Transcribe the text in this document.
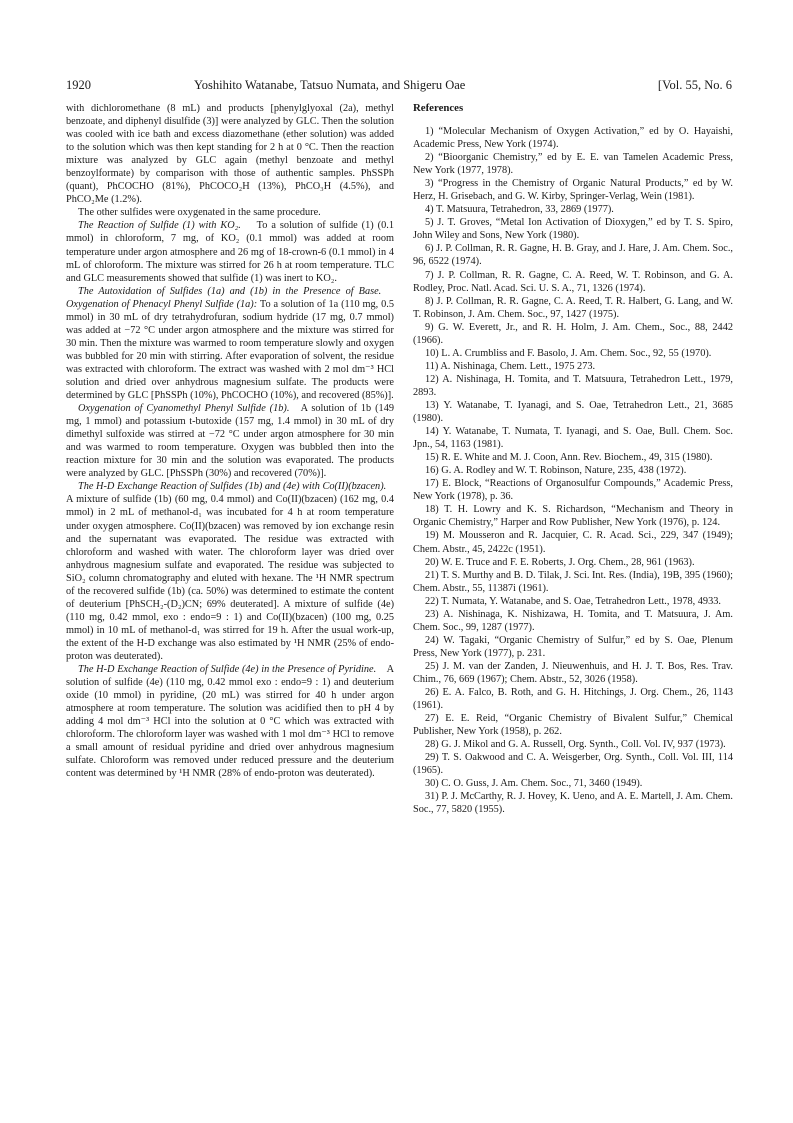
1920	Yoshihito Watanabe, Tatsuo Numata, and Shigeru Oae	[Vol. 55, No. 6

with dichloromethane (8 mL) and products [phenylglyoxal (2a), methyl benzoate, and diphenyl disulfide (3)] were analyzed by GLC. Then the solution was cooled with ice bath and excess diazomethane (ether solution) was added to the solution which was then kept standing for 2 h at 0 °C. Then the reaction mixture was analyzed by GLC again (methyl benzoate and methyl benzoylformate) by comparison with those of authentic samples. PhSSPh (quant), PhCOCHO (81%), PhCOCO₂H (13%), PhCO₃H (4.5%), and PhCO₂Me (1.2%).

The other sulfides were oxygenated in the same procedure.

The Reaction of Sulfide (1) with KO₂. To a solution of sulfide (1) (0.1 mmol) in chloroform, 7 mg, of KO₂ (0.1 mmol) was added at room temperature under argon atmosphere and 26 mg of 18-crown-6 (0.1 mmol) in 4 mL of chloroform. The mixture was stirred for 26 h at room temperature. TLC and GLC measurements showed that sulfide (1) was inert to KO₂.

The Autoxidation of Sulfides (1a) and (1b) in the Presence of Base.    Oxygenation of Phenacyl Phenyl Sulfide (1a): To a solution of 1a (110 mg, 0.5 mmol) in 30 mL of dry tetrahydrofuran, sodium hydride (17 mg, 0.7 mmol) was added at −72 °C under argon atmosphere and the mixture was stirred for 30 min. Then the mixture was warmed to room temperature slowly and oxygen was bubbled for 20 min with stirring. After evaporation of solvent, the residue was extracted with chloroform. The extract was washed with 2 mol dm⁻³ HCl solution and dried over anhydrous magnesium sulfate. The products were determined by GLC [PhSSPh (10%), PhCOCHO (10%), and recovered (85%)].

Oxygenation of Cyanomethyl Phenyl Sulfide (1b). A solution of 1b (149 mg, 1 mmol) and potassium t-butoxide (157 mg, 1.4 mmol) in 30 mL of dry dimethyl sulfoxide was stirred at −72 °C under argon atmosphere for 30 min and was warmed to room temperature. Oxygen was bubbled then into the reaction mixture for 30 min and the solution was evaporated. The products were analyzed by GLC. [PhSSPh (30%) and recovered (70%)].

The H-D Exchange Reaction of Sulfides (1b) and (4e) with Co(II)(bzacen).    A mixture of sulfide (1b) (60 mg, 0.4 mmol) and Co(II)(bzacen) (162 mg, 0.4 mmol) in 2 mL of methanol-d₁ was incubated for 4 h at room temperature under oxygen atmosphere. Co(II)(bzacen) was removed by ion exchange resin and the supernatant was evaporated. The residue was extracted with chloroform and washed with water. The chloroform layer was dried over anhydrous magnesium sulfate and evaporated. The residue was subjected to SiO₂ column chromatography and eluted with hexane. The ¹H NMR spectrum of the recovered sulfide (1b) (ca. 50%) was determined to estimate the content of deuterium [PhSCH₂-(D₂)CN; 69% deuterated]. A mixture of sulfide (4e) (110 mg, 0.42 mmol, exo : endo=9 : 1) and Co(II)(bzacen) (100 mg, 0.25 mmol) in 10 mL of methanol-d₁ was stirred for 19 h. After the usual work-up, the extent of the H-D exchange was also estimated by ¹H NMR (25% of endo-proton was deuterated).

The H-D Exchange Reaction of Sulfide (4e) in the Presence of Pyridine. A solution of sulfide (4e) (110 mg, 0.42 mmol exo : endo=9 : 1) and deuterium oxide (10 mmol) in pyridine, (20 mL) was stirred for 40 h under argon atmosphere at room temperature. The solution was acidified then to pH 4 by adding 4 mol dm⁻³ HCl into the solution at 0 °C which was extracted with chloroform. The chloroform layer was washed with 1 mol dm⁻³ HCl to remove a small amount of residual pyridine and dried over anhydrous magnesium sulfate. Chloroform was removed under reduced pressure and the deuterium content was determined by ¹H NMR (28% of endo-proton was deuterated).

References

1) “Molecular Mechanism of Oxygen Activation,” ed by O. Hayaishi, Academic Press, New York (1974).

2) “Bioorganic Chemistry,” ed by E. E. van Tamelen Academic Press, New York (1977, 1978).

3) “Progress in the Chemistry of Organic Natural Products,” ed by W. Herz, H. Grisebach, and G. W. Kirby, Springer-Verlag, Wein (1981).

4) T. Matsuura, Tetrahedron, 33, 2869 (1977).

5) J. T. Groves, “Metal Ion Activation of Dioxygen,” ed by T. S. Spiro, John Wiley and Sons, New York (1980).

6) J. P. Collman, R. R. Gagne, H. B. Gray, and J. Hare, J. Am. Chem. Soc., 96, 6522 (1974).

7) J. P. Collman, R. R. Gagne, C. A. Reed, W. T. Robinson, and G. A. Rodley, Proc. Natl. Acad. Sci. U. S. A., 71, 1326 (1974).

8) J. P. Collman, R. R. Gagne, C. A. Reed, T. R. Halbert, G. Lang, and W. T. Robinson, J. Am. Chem. Soc., 97, 1427 (1975).

9) G. W. Everett, Jr., and R. H. Holm, J. Am. Chem., Soc., 88, 2442 (1966).

10) L. A. Crumbliss and F. Basolo, J. Am. Chem. Soc., 92, 55 (1970).

11) A. Nishinaga, Chem. Lett., 1975 273.

12) A. Nishinaga, H. Tomita, and T. Matsuura, Tetrahedron Lett., 1979, 2893.

13) Y. Watanabe, T. Iyanagi, and S. Oae, Tetrahedron Lett., 21, 3685 (1980).

14) Y. Watanabe, T. Numata, T. Iyanagi, and S. Oae, Bull. Chem. Soc. Jpn., 54, 1163 (1981).

15) R. E. White and M. J. Coon, Ann. Rev. Biochem., 49, 315 (1980).

16) G. A. Rodley and W. T. Robinson, Nature, 235, 438 (1972).

17) E. Block, “Reactions of Organosulfur Compounds,” Academic Press, New York (1978), p. 36.

18) T. H. Lowry and K. S. Richardson, “Mechanism and Theory in Organic Chemistry,” Harper and Row Publisher, New York (1976), p. 124.

19) M. Mousseron and R. Jacquier, C. R. Acad. Sci., 229, 347 (1949); Chem. Abstr., 45, 2422c (1951).

20) W. E. Truce and F. E. Roberts, J. Org. Chem., 28, 961 (1963).

21) T. S. Murthy and B. D. Tilak, J. Sci. Int. Res. (India), 19B, 395 (1960); Chem. Abstr., 55, 11387i (1961).

22) T. Numata, Y. Watanabe, and S. Oae, Tetrahedron Lett., 1978, 4933.

23) A. Nishinaga, K. Nishizawa, H. Tomita, and T. Matsuura, J. Am. Chem. Soc., 99, 1287 (1977).

24) W. Tagaki, “Organic Chemistry of Sulfur,” ed by S. Oae, Plenum Press, New York (1977), p. 231.

25) J. M. van der Zanden, J. Nieuwenhuis, and H. J. T. Bos, Res. Trav. Chim., 76, 669 (1967); Chem. Abstr., 52, 3026 (1958).

26) E. A. Falco, B. Roth, and G. H. Hitchings, J. Org. Chem., 26, 1143 (1961).

27) E. E. Reid, “Organic Chemistry of Bivalent Sulfur,” Chemical Publisher, New York (1958), p. 262.

28) G. J. Mikol and G. A. Russell, Org. Synth., Coll. Vol. IV, 937 (1973).

29) T. S. Oakwood and C. A. Weisgerber, Org. Synth., Coll. Vol. III, 114 (1965).

30) C. O. Guss, J. Am. Chem. Soc., 71, 3460 (1949).

31) P. J. McCarthy, R. J. Hovey, K. Ueno, and A. E. Martell, J. Am. Chem. Soc., 77, 5820 (1955).
